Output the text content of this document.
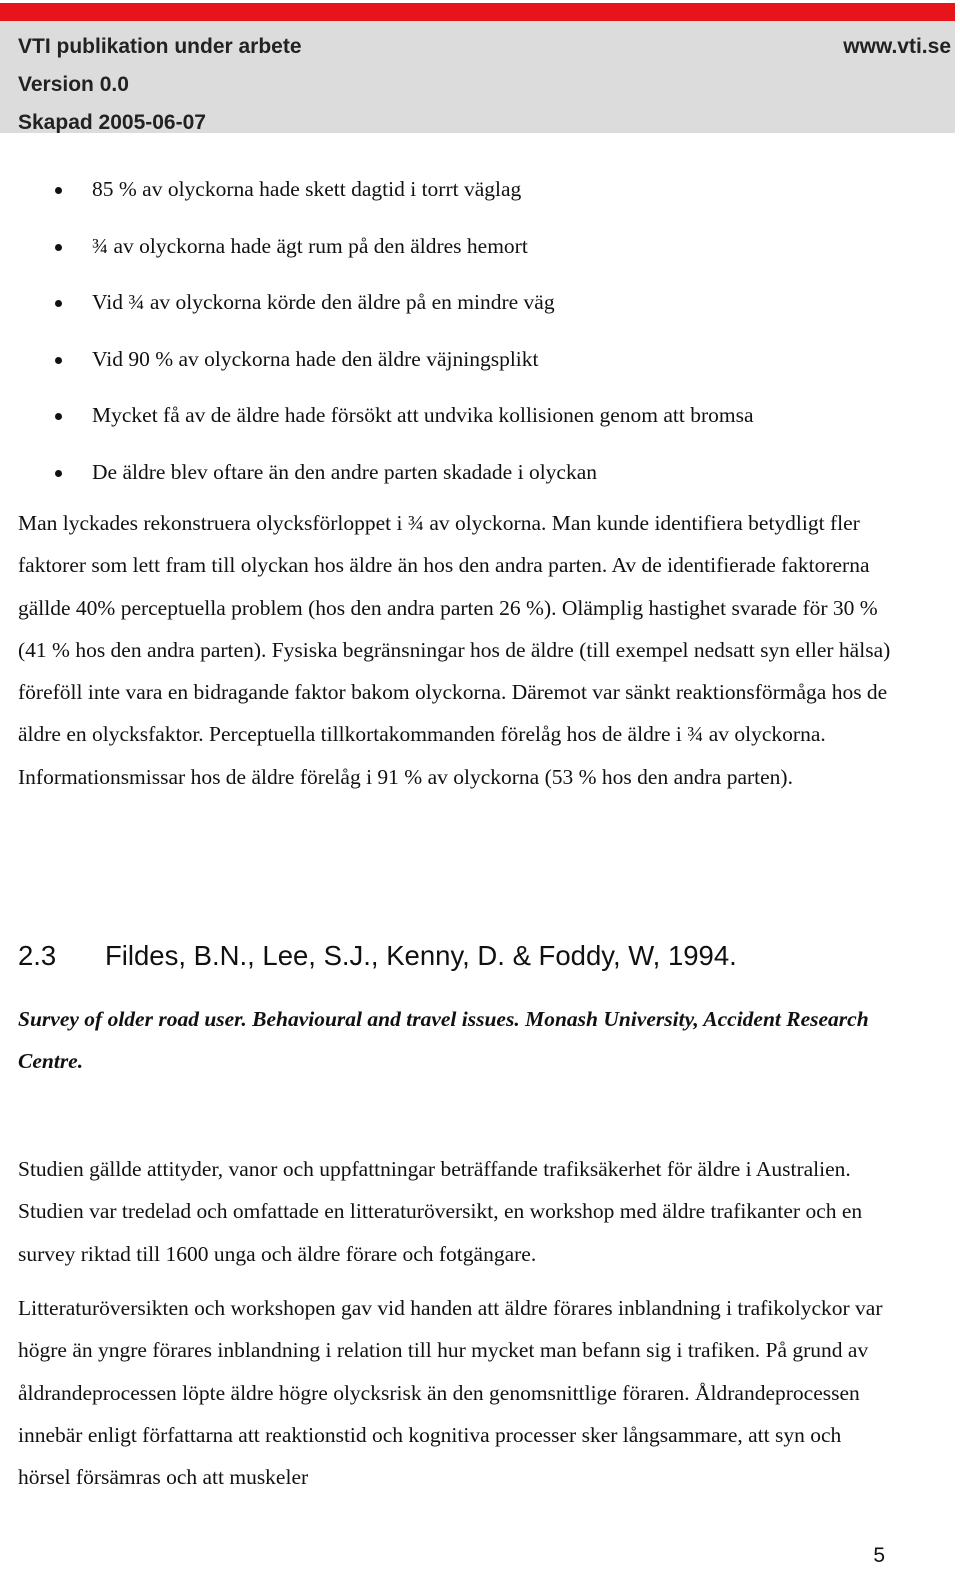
VTI publikation under arbete
Version 0.0
Skapad 2005-06-07
www.vti.se
85 % av olyckorna hade skett dagtid i torrt väglag
¾ av olyckorna hade ägt rum på den äldres hemort
Vid ¾ av olyckorna körde den äldre på en mindre väg
Vid 90 % av olyckorna hade den äldre väjningsplikt
Mycket få av de äldre hade försökt att undvika kollisionen genom att bromsa
De äldre blev oftare än den andre parten skadade i olyckan

Man lyckades rekonstruera olycksförloppet i ¾ av olyckorna. Man kunde identifiera betydligt fler faktorer som lett fram till olyckan hos äldre än hos den andra parten. Av de identifierade faktorerna gällde 40% perceptuella problem (hos den andra parten 26 %). Olämplig hastighet svarade för 30 % (41 % hos den andra parten). Fysiska begränsningar hos de äldre (till exempel nedsatt syn eller hälsa) föreföll inte vara en bidragande faktor bakom olyckorna. Däremot var sänkt reaktionsförmåga hos de äldre en olycksfaktor. Perceptuella tillkortakommanden förelåg hos de äldre i ¾ av olyckorna. Informationsmissar hos de äldre förelåg i 91 % av olyckorna (53 % hos den andra parten).

2.3 Fildes, B.N., Lee, S.J., Kenny, D. & Foddy, W, 1994.

Survey of older road user. Behavioural and travel issues. Monash University, Accident Research Centre.

Studien gällde attityder, vanor och uppfattningar beträffande trafiksäkerhet för äldre i Australien. Studien var tredelad och omfattade en litteraturöversikt, en workshop med äldre trafikanter och en survey riktad till 1600 unga och äldre förare och fotgängare.

Litteraturöversikten och workshopen gav vid handen att äldre förares inblandning i trafikolyckor var högre än yngre förares inblandning i relation till hur mycket man befann sig i trafiken. På grund av åldrandeprocessen löpte äldre högre olycksrisk än den genomsnittlige föraren. Åldrandeprocessen innebär enligt författarna att reaktionstid och kognitiva processer sker långsammare, att syn och hörsel försämras och att muskeler

5
